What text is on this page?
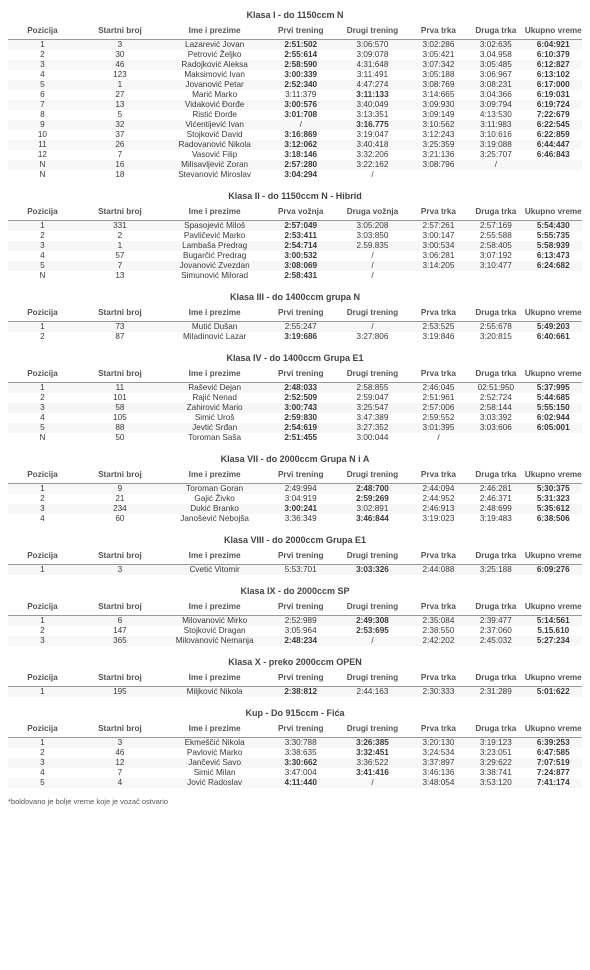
Klasa I - do 1150ccm N
Pozicija	Startni broj	Ime i prezime	Prvi trening	Drugi trening	Prva trka	Druga trka	Ukupno vreme
1	3	Lazarević Jovan	2:51:502	3:06:570	3:02:286	3:02:635	6:04:921
2	30	Petrović Željko	2:55:614	3:09:078	3:05:421	3.04.958	6:10:379
3	46	Radojković Aleksa	2:58:590	4:31:648	3:07:342	3:05:485	6:12:827
4	123	Maksimović Ivan	3:00:339	3:11:491	3:05:188	3:06:967	6:13:102
5	1	Jovanović Petar	2:52:340	4:47:274	3:08:769	3:08:231	6:17:000
6	27	Marić Marko	3:11:379	3:11:133	3:14:665	3:04:366	6:19:031
7	13	Vidaković Đorđe	3:00:576	3:40:049	3:09:930	3:09:794	6:19:724
8	5	Ristić Đorđe	3:01:708	3:13:351	3:09:149	4:13:530	7:22:679
9	32	Vićentijević Ivan	/	3:16.775	3:10:562	3:11:983	6:22:545
10	37	Stojković David	3:16:869	3:19:047	3:12:243	3:10:616	6:22:859
11	26	Radovanović Nikola	3:12:062	3:40:418	3:25:359	3:19:088	6:44:447
12	7	Vasović Filip	3:18:146	3:32:206	3:21:136	3:25:707	6:46:843
N	16	Milisavljević Zoran	2:57:280	3:22:162	3:08:796	/	
N	18	Stevanović Miroslav	3:04:294	/			
Klasa II - do 1150ccm N - Hibrid
Pozicija	Startni broj	Ime i prezime	Prva vožnja	Druga vožnja	Prva trka	Druga trka	Ukupno vreme
1	331	Spasojević Miloš	2:57:049	3:05:208	2:57:261	2:57:169	5:54:430
2	2	Pavličević Marko	2:53:411	3:03:850	3:00:147	2:55:588	5:55:735
3	1	Lambaša Predrag	2:54:714	2.59.835	3:00:534	2:58:405	5:58:939
4	57	Bugarčić Predrag	3:00:532	/	3:06:281	3:07:192	6:13:473
5	7	Jovanović Zvezdan	3:08:069	/	3:14:205	3:10:477	6:24:682
N	13	Simunović Milorad	2:58:431	/			
Klasa III - do 1400ccm grupa N
Pozicija	Startni broj	Ime i prezime	Prvi trening	Drugi trening	Prva trka	Druga trka	Ukupno vreme
1	73	Mutić Dušan	2:55:247	/	2:53:525	2:55:678	5:49:203
2	87	Miladinović Lazar	3:19:686	3:27:806	3:19:846	3:20:815	6:40:661
Klasa IV - do 1400ccm Grupa E1
Pozicija	Startni broj	Ime i prezime	Prvi trening	Drugi trening	Prva trka	Druga trka	Ukupno vreme
1	11	Rašević Dejan	2:48:033	2:58:855	2:46:045	02:51:950	5:37:995
2	101	Rajić Nenad	2:52:509	2:59:047	2:51:961	2:52:724	5:44:685
3	58	Zahirović Mario	3:00:743	3:25:547	2:57:006	2:58:144	5:55:150
4	105	Simić Uroš	2:59:830	3:47:389	2:59:552	3:03:392	6:02:944
5	88	Jevtić Srđan	2:54:619	3:27:352	3:01:395	3:03:606	6:05:001
N	50	Toroman Saša	2:51:455	3:00:044	/		
Klasa VII - do 2000ccm Grupa N i A
Pozicija	Startni broj	Ime i prezime	Prvi trening	Drugi trening	Prva trka	Druga trka	Ukupno vreme
1	9	Toroman Goran	2:49:994	2:48:700	2:44:094	2:46:281	5:30:375
2	21	Gajić Živko	3:04:919	2:59:269	2:44:952	2:46:371	5:31:323
3	234	Dukić Branko	3:00:241	3:02:891	2:46:913	2:48:699	5:35:612
4	60	Janošević Nebojša	3:36:349	3:46:844	3:19:023	3:19:483	6:38:506
Klasa VIII - do 2000ccm Grupa E1
Pozicija	Startni broj	Ime i prezime	Prvi trening	Drugi trening	Prva trka	Druga trka	Ukupno vreme
1	3	Cvetić Vitomir	5:53:701	3:03:326	2:44:088	3:25:188	6:09:276
Klasa IX - do 2000ccm SP
Pozicija	Startni broj	Ime i prezime	Prvi trening	Drugi trening	Prva trka	Druga trka	Ukupno vreme
1	6	Milovanović Mirko	2:52:989	2:49:308	2:35:084	2:39:477	5:14:561
2	147	Stojković Dragan	3:05:964	2:53:695	2:38:550	2:37:060	5.15.610
3	365	Milovanović Nemanja	2:48:234	/	2:42:202	2:45:032	5:27:234
Klasa X - preko 2000ccm OPEN
Pozicija	Startni broj	Ime i prezime	Prvi trening	Drugi trening	Prva trka	Druga trka	Ukupno vreme
1	195	Miljković Nikola	2:38:812	2:44:163	2:30:333	2:31:289	5:01:622
Kup - Do 915ccm - Fića
Pozicija	Startni broj	Ime i prezime	Prvi trening	Drugi trening	Prva trka	Druga trka	Ukupno vreme
1	3	Ekmeščić Nikola	3:30:788	3:26:385	3:20:130	3:19:123	6:39:253
2	46	Pavlović Marko	3:38:635	3:32:451	3:24:534	3:23:051	6:47:585
3	12	Jančević Savo	3:30:662	3:36:522	3:37:897	3:29:622	7:07:519
4	7	Simić Milan	3:47:004	3:41:416	3:46:136	3:38:741	7:24:877
5	4	Jović Radoslav	4:11:440	/	3:48:054	3:53:120	7:41:174
*boldovano je bolje vreme koje je vozač ostvario
